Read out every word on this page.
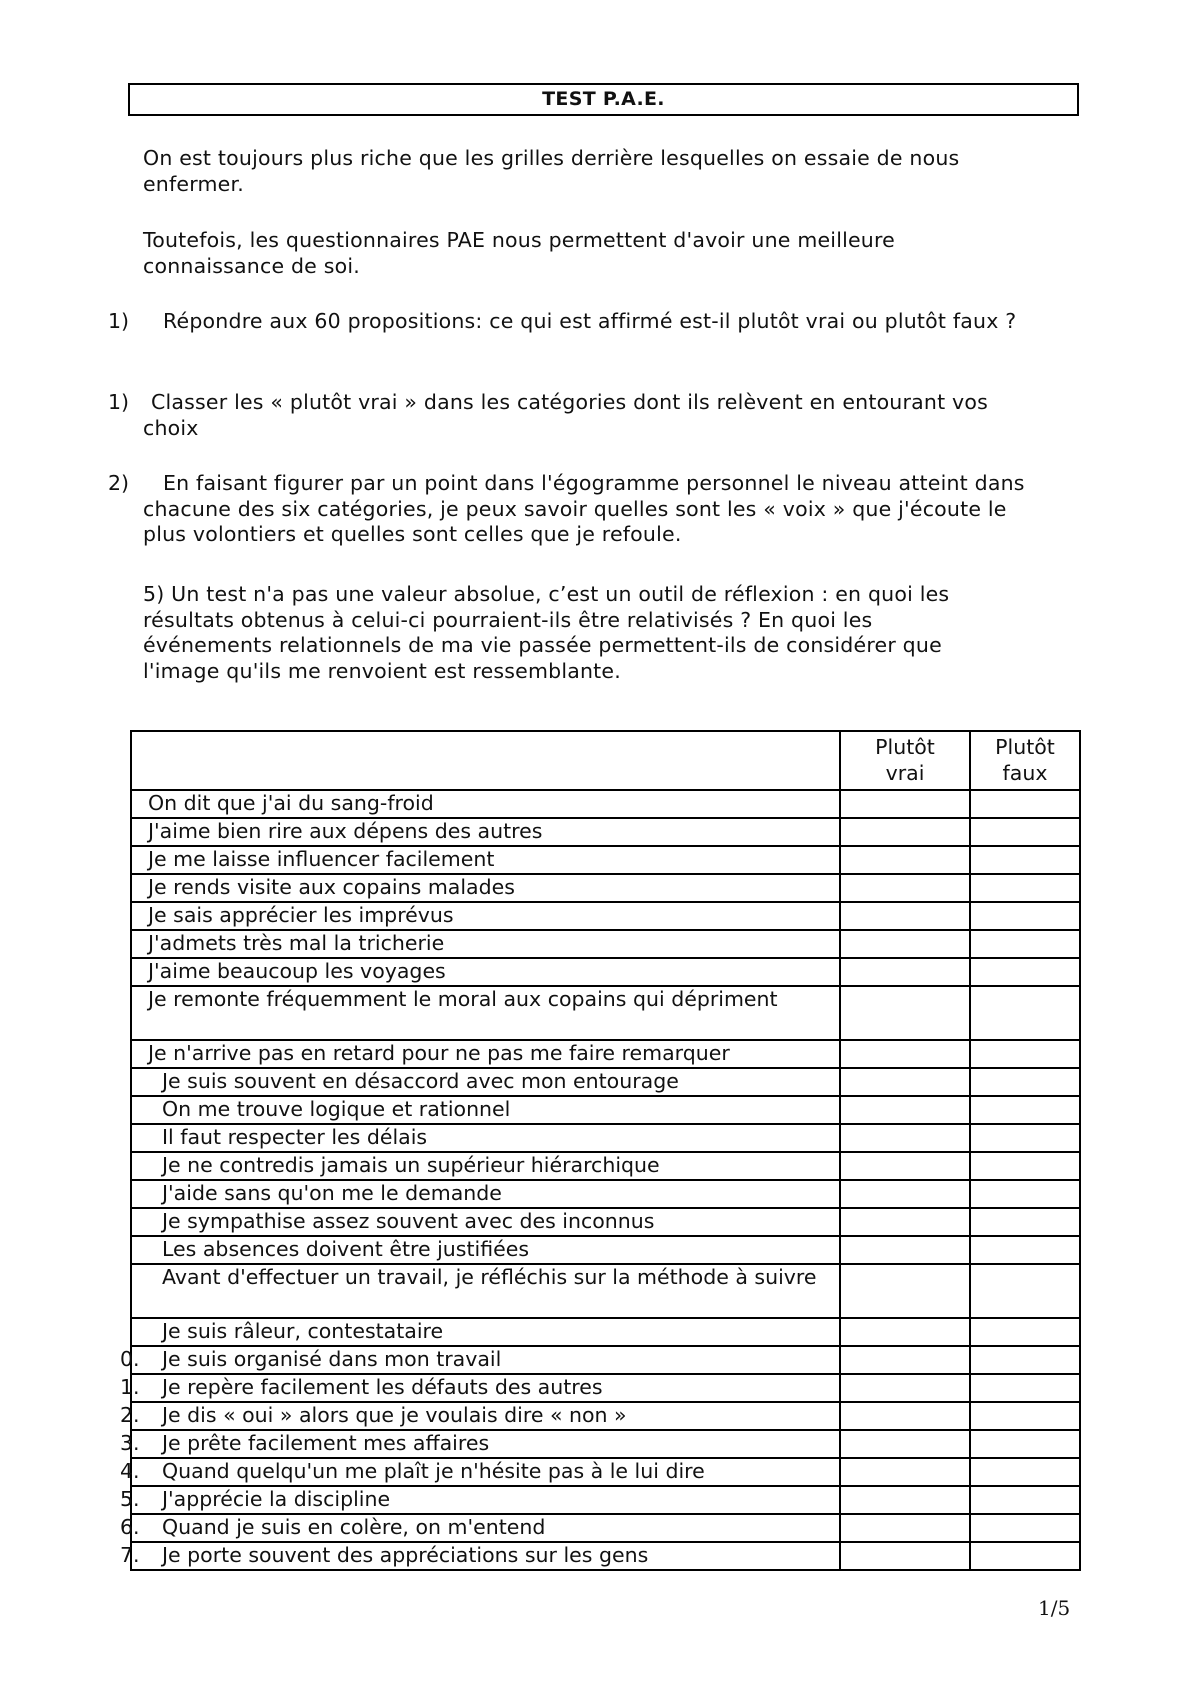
TEST P.A.E.
On est toujours plus riche que les grilles derrière lesquelles on essaie de nous enfermer.
Toutefois, les questionnaires PAE nous permettent d'avoir une meilleure connaissance de soi.
1)	Répondre aux 60 propositions: ce qui est affirmé est-il plutôt vrai ou plutôt faux ?
1)	Classer les « plutôt vrai » dans les catégories dont ils relèvent en entourant vos choix
2)	En faisant figurer par un point dans l'égogramme personnel le niveau atteint dans chacune des six catégories, je peux savoir quelles sont les « voix » que j'écoute le plus volontiers et quelles sont celles que je refoule.
5) Un test n'a pas une valeur absolue, c’est un outil de réflexion : en quoi les résultats obtenus à celui-ci pourraient-ils être relativisés ? En quoi les événements relationnels de ma vie passée permettent-ils de considérer que l'image qu'ils me renvoient est ressemblante.
	Plutôt vrai	Plutôt faux

On dit que j'ai du sang-froid		

J'aime bien rire aux dépens des autres		

Je me laisse influencer facilement		

Je rends visite aux copains malades		

Je sais apprécier les imprévus		

J'admets très mal la tricherie		

J'aime beaucoup les voyages		

Je remonte fréquemment le moral aux copains qui déprime​nt		

Je n'arrive pas en retard pour ne pas me faire remarquer		

Je suis souvent en désaccord avec mon entourage		

On me trouve logique et rationnel		

Il faut respecter les délais		

Je ne contredis jamais un supérieur hiérarchique		

J'aide sans qu'on me le demande		

Je sympathise assez souvent avec des inconnus		

Les absences doivent être justifiées		

Avant d'effectuer un travail, je réfléchis sur la méthode à suivre		

Je suis râleur, contestataire		

0. Je suis organisé dans mon travail		

1. Je repère facilement les défauts des autres		

2. Je dis « oui » alors que je voulais dire « non »		

3. Je prête facilement mes affaires		

4. Quand quelqu'un me plaît je n'hésite pas à le lui dire		

5. J'apprécie la discipline		

6. Quand je suis en colère, on m'entend		

7. Je porte souvent des appréciations sur les gens		
1/5
